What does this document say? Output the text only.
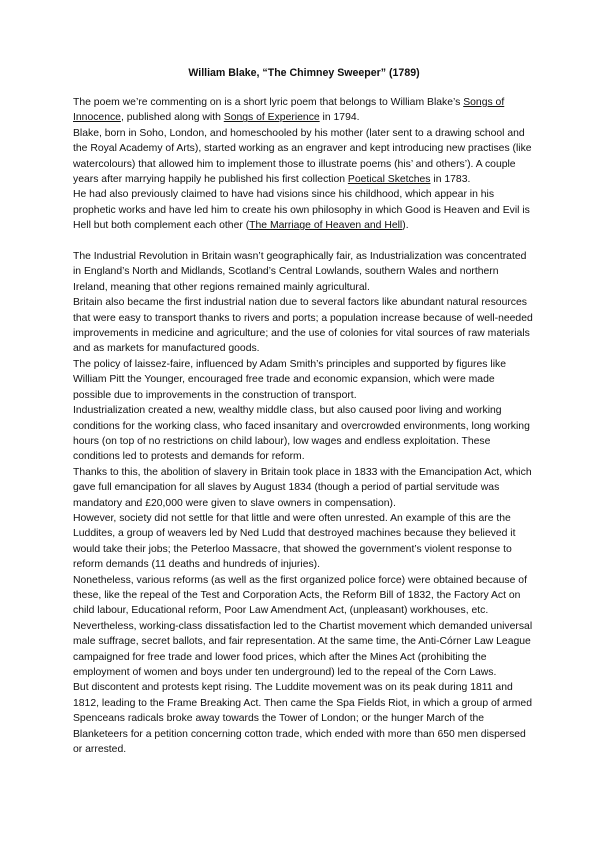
William Blake, “The Chimney Sweeper” (1789)

The poem we’re commenting on is a short lyric poem that belongs to William Blake’s Songs of Innocence, published along with Songs of Experience in 1794.

Blake, born in Soho, London, and homeschooled by his mother (later sent to a drawing school and the Royal Academy of Arts), started working as an engraver and kept introducing new practises (like watercolours) that allowed him to implement those to illustrate poems (his’ and others’). A couple years after marrying happily he published his first collection Poetical Sketches in 1783.

He had also previously claimed to have had visions since his childhood, which appear in his prophetic works and have led him to create his own philosophy in which Good is Heaven and Evil is Hell but both complement each other (The Marriage of Heaven and Hell).

The Industrial Revolution in Britain wasn’t geographically fair, as Industrialization was concentrated in England’s North and Midlands, Scotland’s Central Lowlands, southern Wales and northern Ireland, meaning that other regions remained mainly agricultural.

Britain also became the first industrial nation due to several factors like abundant natural resources that were easy to transport thanks to rivers and ports; a population increase because of well-needed improvements in medicine and agriculture; and the use of colonies for vital sources of raw materials and as markets for manufactured goods.

The policy of laissez-faire, influenced by Adam Smith’s principles and supported by figures like William Pitt the Younger, encouraged free trade and economic expansion, which were made possible due to improvements in the construction of transport.

Industrialization created a new, wealthy middle class, but also caused poor living and working conditions for the working class, who faced insanitary and overcrowded environments, long working hours (on top of no restrictions on child labour), low wages and endless exploitation. These conditions led to protests and demands for reform.

Thanks to this, the abolition of slavery in Britain took place in 1833 with the Emancipation Act, which gave full emancipation for all slaves by August 1834 (though a period of partial servitude was mandatory and £20,000 were given to slave owners in compensation).

However, society did not settle for that little and were often unrested. An example of this are the Luddites, a group of weavers led by Ned Ludd that destroyed machines because they believed it would take their jobs; the Peterloo Massacre, that showed the government’s violent response to reform demands (11 deaths and hundreds of injuries).

Nonetheless, various reforms (as well as the first organized police force) were obtained because of these, like the repeal of the Test and Corporation Acts, the Reform Bill of 1832, the Factory Act on child labour, Educational reform, Poor Law Amendment Act, (unpleasant) workhouses, etc.

Nevertheless, working-class dissatisfaction led to the Chartist movement which demanded universal male suffrage, secret ballots, and fair representation. At the same time, the Anti-Córner Law League campaigned for free trade and lower food prices, which after the Mines Act (prohibiting the employment of women and boys under ten underground) led to the repeal of the Corn Laws.

But discontent and protests kept rising. The Luddite movement was on its peak during 1811 and 1812, leading to the Frame Breaking Act. Then came the Spa Fields Riot, in which a group of armed Spenceans radicals broke away towards the Tower of London; or the hunger March of the Blanketeers for a petition concerning cotton trade, which ended with more than 650 men dispersed or arrested.
